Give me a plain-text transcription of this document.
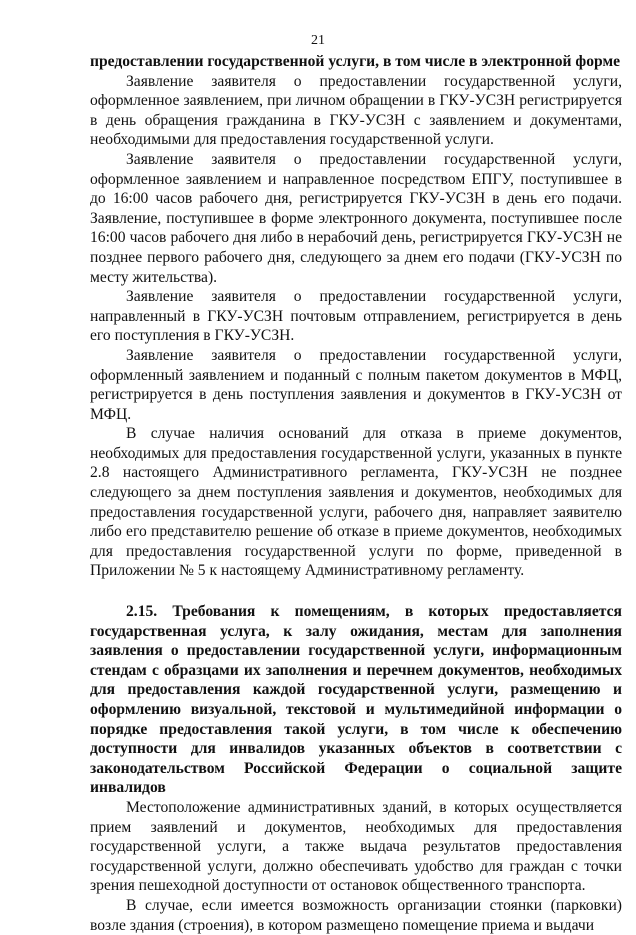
21

предоставлении государственной услуги, в том числе в электронной форме

Заявление заявителя о предоставлении государственной услуги, оформленное заявлением, при личном обращении в ГКУ-УСЗН регистрируется в день обращения гражданина в ГКУ-УСЗН с заявлением и документами, необходимыми для предоставления государственной услуги.

Заявление заявителя о предоставлении государственной услуги, оформленное заявлением и направленное посредством ЕПГУ, поступившее в до 16:00 часов рабочего дня, регистрируется ГКУ-УСЗН в день его подачи. Заявление, поступившее в форме электронного документа, поступившее после 16:00 часов рабочего дня либо в нерабочий день, регистрируется ГКУ-УСЗН не позднее первого рабочего дня, следующего за днем его подачи (ГКУ-УСЗН по месту жительства).

Заявление заявителя о предоставлении государственной услуги, направленный в ГКУ-УСЗН почтовым отправлением, регистрируется в день его поступления в ГКУ-УСЗН.

Заявление заявителя о предоставлении государственной услуги, оформленный заявлением и поданный с полным пакетом документов в МФЦ, регистрируется в день поступления заявления и документов в ГКУ-УСЗН от МФЦ.

В случае наличия оснований для отказа в приеме документов, необходимых для предоставления государственной услуги, указанных в пункте 2.8 настоящего Административного регламента, ГКУ-УСЗН не позднее следующего за днем поступления заявления и документов, необходимых для предоставления государственной услуги, рабочего дня, направляет заявителю либо его представителю решение об отказе в приеме документов, необходимых для предоставления государственной услуги по форме, приведенной в Приложении № 5 к настоящему Административному регламенту.

2.15. Требования к помещениям, в которых предоставляется государственная услуга, к залу ожидания, местам для заполнения заявления о предоставлении государственной услуги, информационным стендам с образцами их заполнения и перечнем документов, необходимых для предоставления каждой государственной услуги, размещению и оформлению визуальной, текстовой и мультимедийной информации о порядке предоставления такой услуги, в том числе к обеспечению доступности для инвалидов указанных объектов в соответствии с законодательством Российской Федерации о социальной защите инвалидов

Местоположение административных зданий, в которых осуществляется прием заявлений и документов, необходимых для предоставления государственной услуги, а также выдача результатов предоставления государственной услуги, должно обеспечивать удобство для граждан с точки зрения пешеходной доступности от остановок общественного транспорта.

В случае, если имеется возможность организации стоянки (парковки) возле здания (строения), в котором размещено помещение приема и выдачи
